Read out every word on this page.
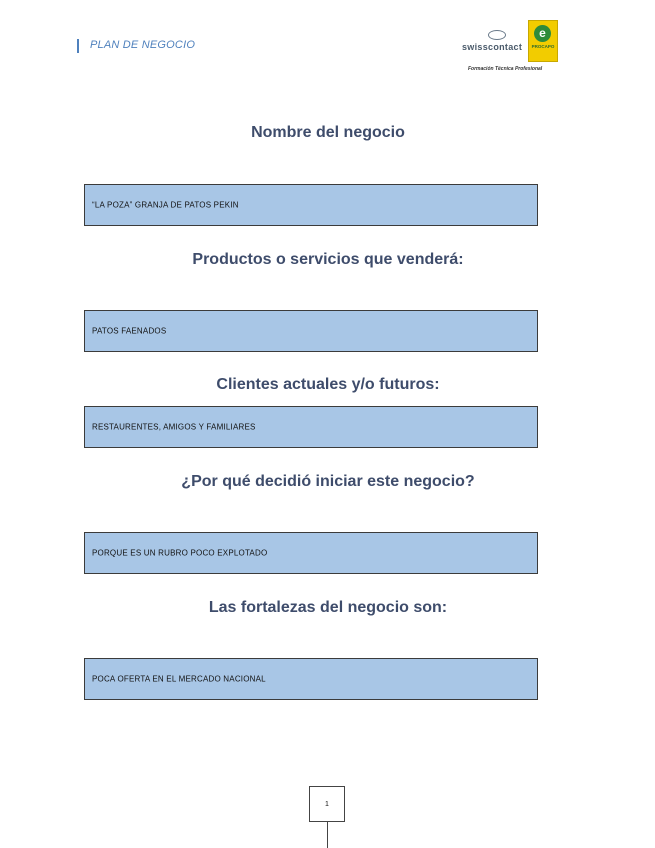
PLAN DE NEGOCIO	swisscontact
e
PROCAPO
Formación Técnica Profesional
Nombre del negocio
“LA POZA” GRANJA DE PATOS PEKIN
Productos o servicios que venderá:
PATOS FAENADOS
Clientes actuales y/o futuros:
RESTAURENTES, AMIGOS Y FAMILIARES
¿Por qué decidió iniciar este negocio?
PORQUE ES UN RUBRO POCO EXPLOTADO
Las fortalezas del negocio son:
POCA OFERTA EN EL MERCADO NACIONAL
1
